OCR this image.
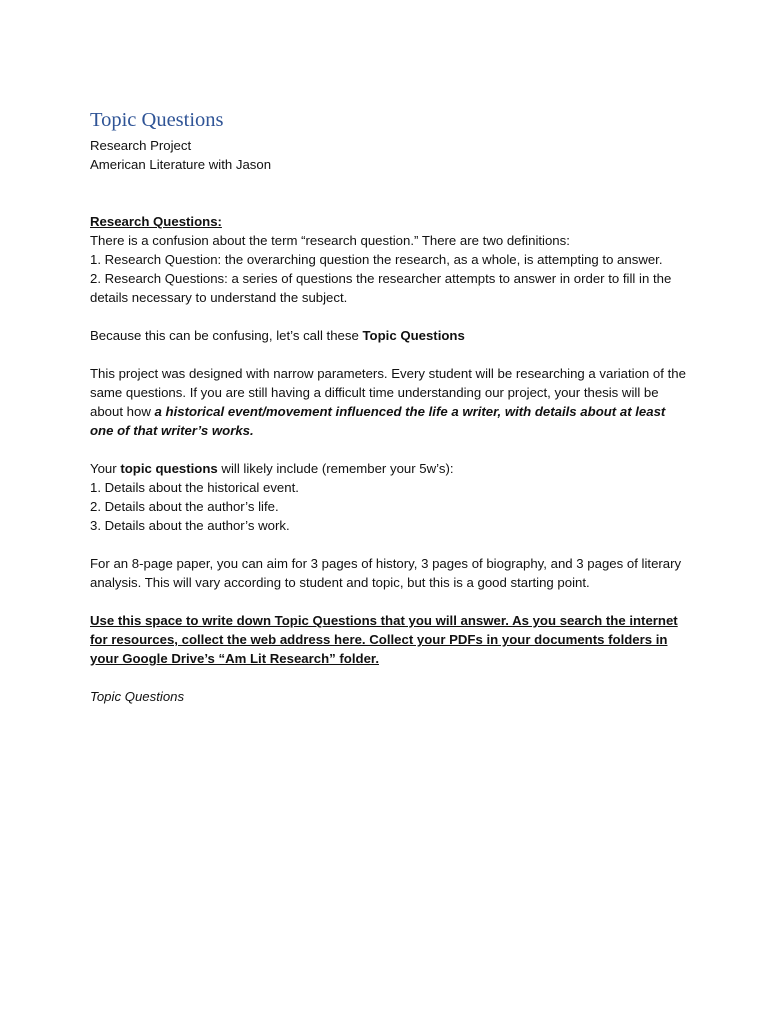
Topic Questions
Research Project
American Literature with Jason
Research Questions:
There is a confusion about the term “research question.” There are two definitions:
1. Research Question: the overarching question the research, as a whole, is attempting to answer.
2. Research Questions: a series of questions the researcher attempts to answer in order to fill in the details necessary to understand the subject.

Because this can be confusing, let’s call these Topic Questions

This project was designed with narrow parameters. Every student will be researching a variation of the same questions. If you are still having a difficult time understanding our project, your thesis will be about how a historical event/movement influenced the life a writer, with details about at least one of that writer’s works.

Your topic questions will likely include (remember your 5w’s):
1. Details about the historical event.
2. Details about the author’s life.
3. Details about the author’s work.

For an 8-page paper, you can aim for 3 pages of history, 3 pages of biography, and 3 pages of literary analysis. This will vary according to student and topic, but this is a good starting point.

Use this space to write down Topic Questions that you will answer. As you search the internet for resources, collect the web address here. Collect your PDFs in your documents folders in your Google Drive’s “Am Lit Research” folder.

Topic Questions
